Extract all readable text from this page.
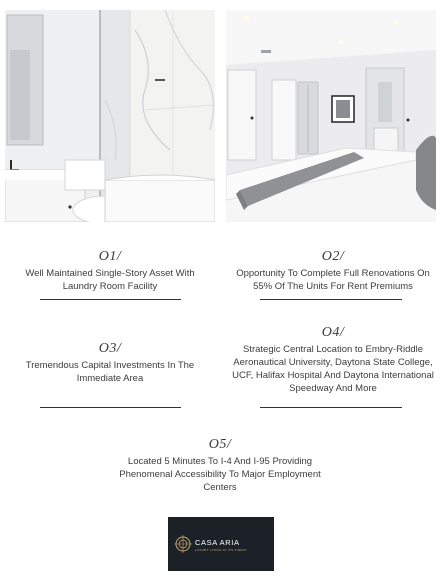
O1/
Well Maintained Single-Story Asset With Laundry Room Facility
O2/
Opportunity To Complete Full Renovations On 55% Of The Units For Rent Premiums
O3/
Tremendous Capital Investments In The Immediate Area
O4/
Strategic Central Location to Embry-Riddle Aeronautical University, Daytona State College, UCF, Halifax Hospital And Daytona International Speedway And More
O5/
Located 5 Minutes To I-4 And I-95 Providing Phenomenal Accessibility To Major Employment Centers
CASA ARIA
LUXURY LIVING AT ITS FINEST
